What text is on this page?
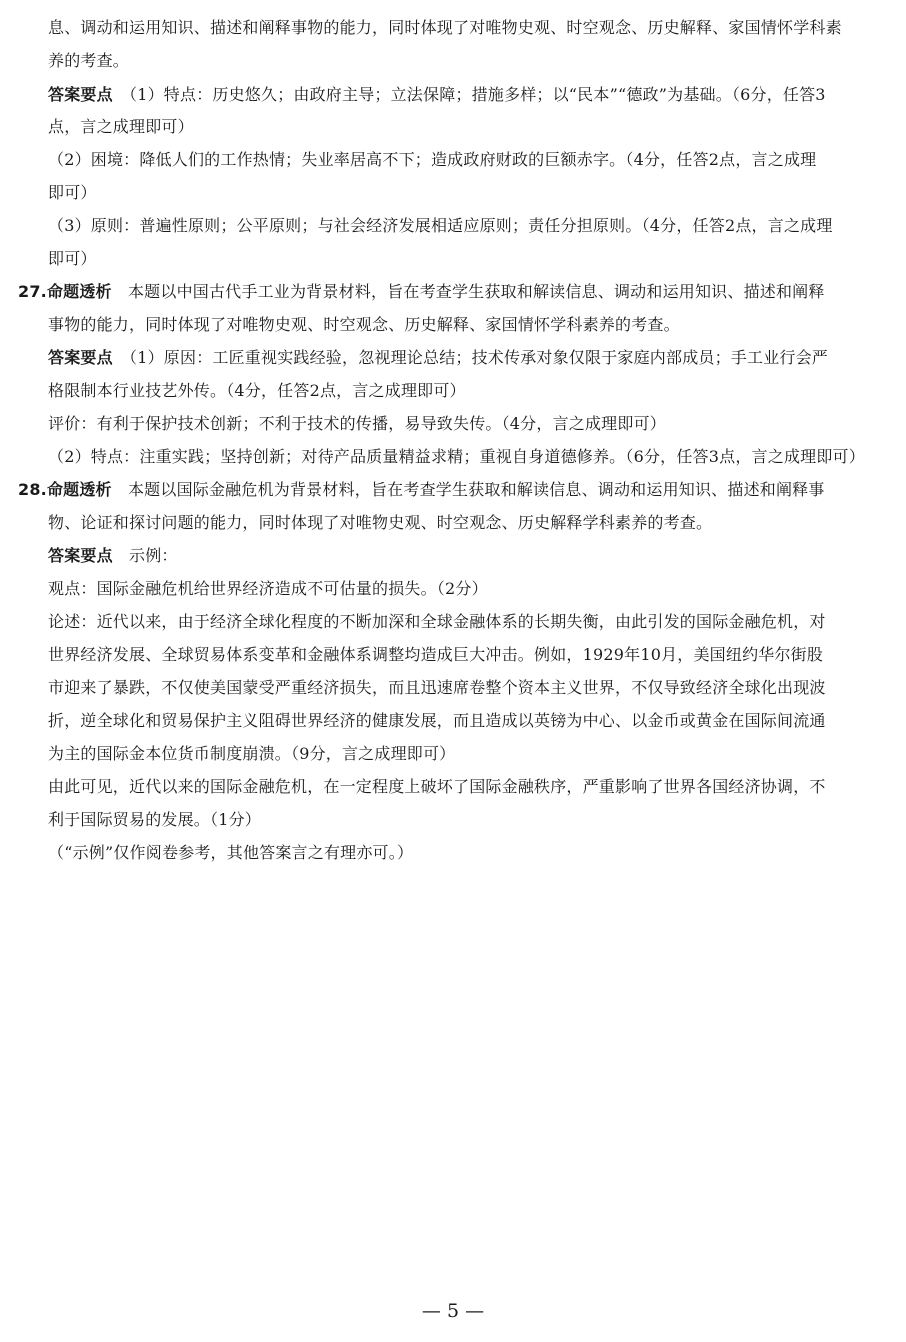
息、调动和运用知识、描述和阐释事物的能力，同时体现了对唯物史观、时空观念、历史解释、家国情怀学科素
养的考查。
答案要点　 （1）特点：历史悠久；由政府主导；立法保障；措施多样；以“民本”“德政”为基础。（6分，任答3
点，言之成理即可）
（2）困境：降低人们的工作热情；失业率居高不下；造成政府财政的巨额赤字。（4分，任答2点，言之成理
即可）
（3）原则：普遍性原则；公平原则；与社会经济发展相适应原则；责任分担原则。（4分，任答2点，言之成理
即可）
27.命题透析　 本题以中国古代手工业为背景材料，旨在考查学生获取和解读信息、调动和运用知识、描述和阐释
事物的能力，同时体现了对唯物史观、时空观念、历史解释、家国情怀学科素养的考查。
答案要点　 （1）原因：工匠重视实践经验，忽视理论总结；技术传承对象仅限于家庭内部成员；手工业行会严
格限制本行业技艺外传。（4分，任答2点，言之成理即可）
评价：有利于保护技术创新；不利于技术的传播，易导致失传。（4分，言之成理即可）
（2）特点：注重实践；坚持创新；对待产品质量精益求精；重视自身道德修养。（6分，任答3点，言之成理即可）
28.命题透析　 本题以国际金融危机为背景材料，旨在考查学生获取和解读信息、调动和运用知识、描述和阐释事
物、论证和探讨问题的能力，同时体现了对唯物史观、时空观念、历史解释学科素养的考查。
答案要点　 示例：
观点：国际金融危机给世界经济造成不可估量的损失。（2分）
论述：近代以来，由于经济全球化程度的不断加深和全球金融体系的长期失衡，由此引发的国际金融危机，对
世界经济发展、全球贸易体系变革和金融体系调整均造成巨大冲击。例如，1929年10月，美国纽约华尔街股
市迎来了暴跌，不仅使美国蒙受严重经济损失，而且迅速席卷整个资本主义世界，不仅导致经济全球化出现波
折，逆全球化和贸易保护主义阻碍世界经济的健康发展，而且造成以英镑为中心、以金币或黄金在国际间流通
为主的国际金本位货币制度崩溃。（9分，言之成理即可）
由此可见，近代以来的国际金融危机，在一定程度上破坏了国际金融秩序，严重影响了世界各国经济协调，不
利于国际贸易的发展。（1分）
（“示例”仅作阅卷参考，其他答案言之有理亦可。）
— 5 —
